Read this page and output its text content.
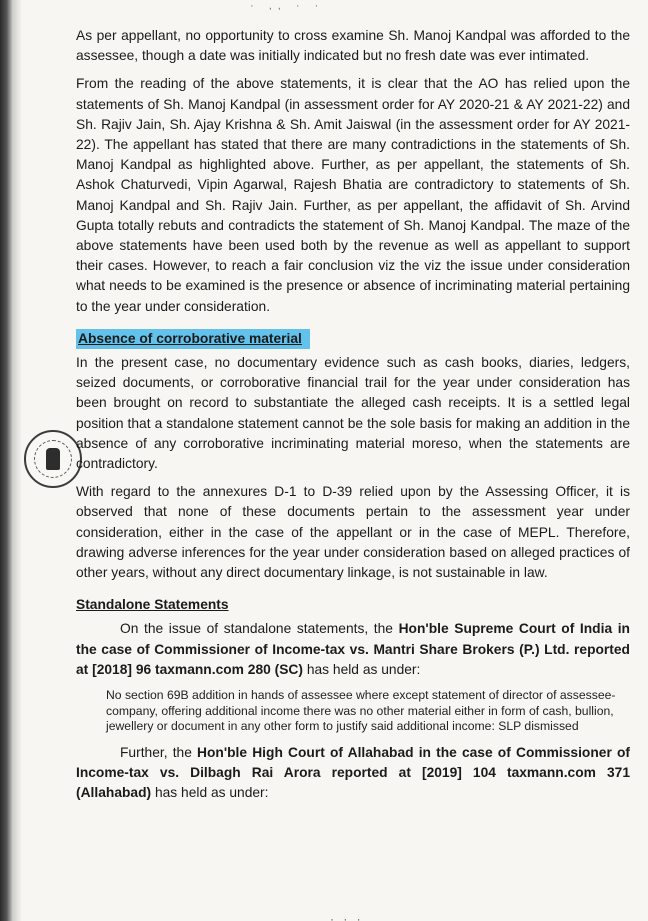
· ,, · ·

As per appellant, no opportunity to cross examine Sh. Manoj Kandpal was afforded to the assessee, though a date was initially indicated but no fresh date was ever intimated.

From the reading of the above statements, it is clear that the AO has relied upon the statements of Sh. Manoj Kandpal (in assessment order for AY 2020-21 & AY 2021-22) and Sh. Rajiv Jain, Sh. Ajay Krishna & Sh. Amit Jaiswal (in the assessment order for AY 2021-22). The appellant has stated that there are many contradictions in the statements of Sh. Manoj Kandpal as highlighted above. Further, as per appellant, the statements of Sh. Ashok Chaturvedi, Vipin Agarwal, Rajesh Bhatia are contradictory to statements of Sh. Manoj Kandpal and Sh. Rajiv Jain. Further, as per appellant, the affidavit of Sh. Arvind Gupta totally rebuts and contradicts the statement of Sh. Manoj Kandpal. The maze of the above statements have been used both by the revenue as well as appellant to support their cases. However, to reach a fair conclusion viz the viz the issue under consideration what needs to be examined is the presence or absence of incriminating material pertaining to the year under consideration.

Absence of corroborative material

In the present case, no documentary evidence such as cash books, diaries, ledgers, seized documents, or corroborative financial trail for the year under consideration has been brought on record to substantiate the alleged cash receipts. It is a settled legal position that a standalone statement cannot be the sole basis for making an addition in the absence of any corroborative incriminating material moreso, when the statements are contradictory.

With regard to the annexures D-1 to D-39 relied upon by the Assessing Officer, it is observed that none of these documents pertain to the assessment year under consideration, either in the case of the appellant or in the case of MEPL. Therefore, drawing adverse inferences for the year under consideration based on alleged practices of other years, without any direct documentary linkage, is not sustainable in law.

Standalone Statements

On the issue of standalone statements, the Hon'ble Supreme Court of India in the case of Commissioner of Income-tax vs. Mantri Share Brokers (P.) Ltd. reported at [2018] 96 taxmann.com 280 (SC) has held as under:

No section 69B addition in hands of assessee where except statement of director of assessee-company, offering additional income there was no other material either in form of cash, bullion, jewellery or document in any other form to justify said additional income: SLP dismissed

Further, the Hon'ble High Court of Allahabad in the case of Commissioner of Income-tax vs. Dilbagh Rai Arora reported at [2019] 104 taxmann.com 371 (Allahabad) has held as under:

· · ·
